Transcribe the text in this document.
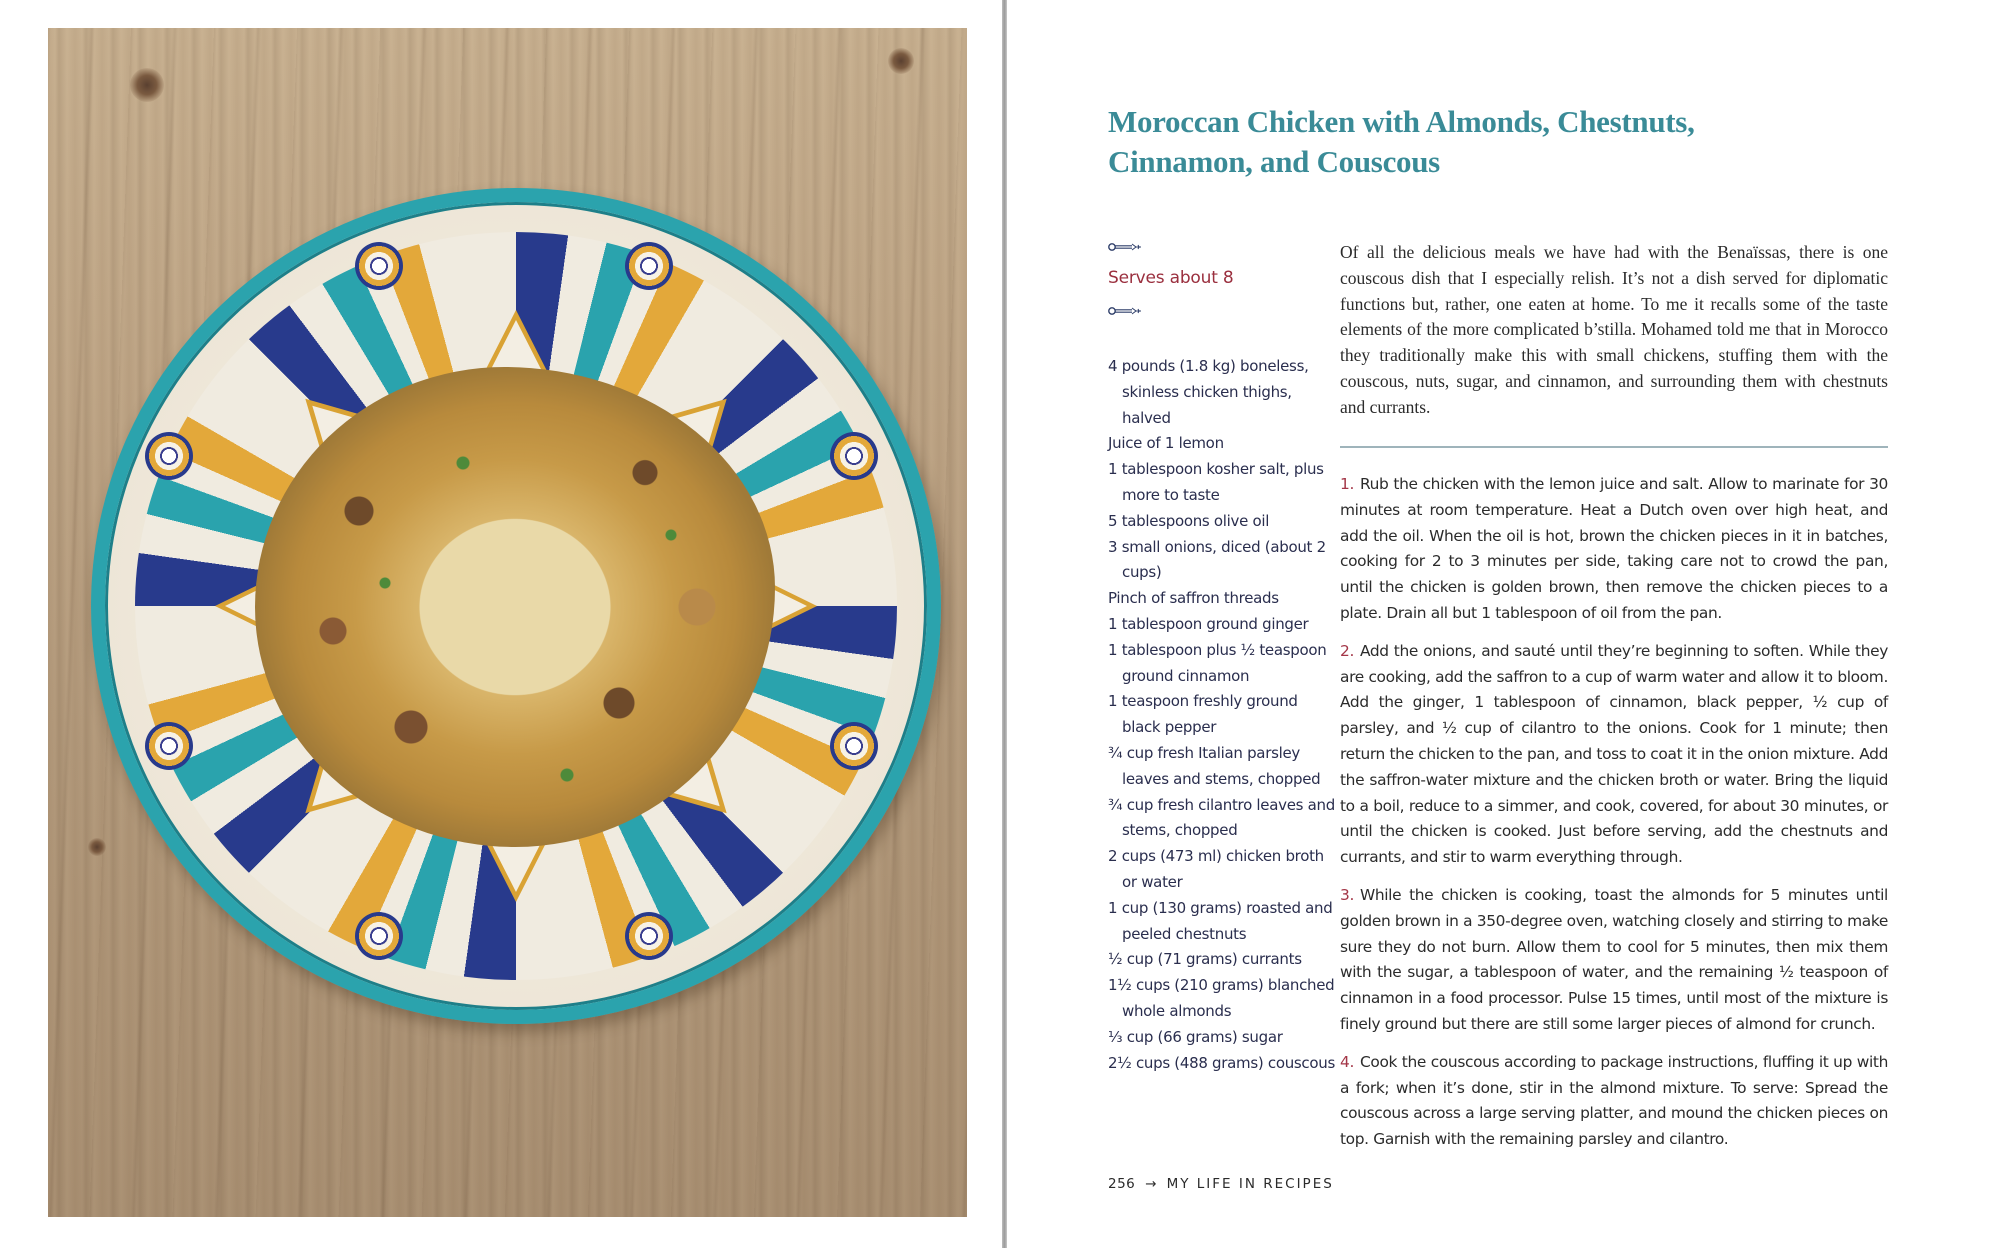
Moroccan Chicken with Almonds, Chestnuts,
Cinnamon, and Couscous
Serves about 8
4 pounds (1.8 kg) boneless, skinless chicken thighs, halved
Juice of 1 lemon
1 tablespoon kosher salt, plus more to taste
5 tablespoons olive oil
3 small onions, diced (about 2 cups)
Pinch of saffron threads
1 tablespoon ground ginger
1 tablespoon plus ½ teaspoon ground cinnamon
1 teaspoon freshly ground black pepper
¾ cup fresh Italian parsley leaves and stems, chopped
¾ cup fresh cilantro leaves and stems, chopped
2 cups (473 ml) chicken broth or water
1 cup (130 grams) roasted and peeled chestnuts
½ cup (71 grams) currants
1½ cups (210 grams) blanched whole almonds
⅓ cup (66 grams) sugar
2½ cups (488 grams) couscous

Of all the delicious meals we have had with the Benaïssas, there is one couscous dish that I especially relish. It’s not a dish served for diplomatic functions but, rather, one eaten at home. To me it recalls some of the taste elements of the more complicated b’stilla. Mohamed told me that in Morocco they traditionally make this with small chickens, stuffing them with the couscous, nuts, sugar, and cinnamon, and surrounding them with chestnuts and currants.

1. Rub the chicken with the lemon juice and salt. Allow to marinate for 30 minutes at room temperature. Heat a Dutch oven over high heat, and add the oil. When the oil is hot, brown the chicken pieces in it in batches, cooking for 2 to 3 minutes per side, taking care not to crowd the pan, until the chicken is golden brown, then remove the chicken pieces to a plate. Drain all but 1 tablespoon of oil from the pan.
2. Add the onions, and sauté until they’re beginning to soften. While they are cooking, add the saffron to a cup of warm water and allow it to bloom. Add the ginger, 1 tablespoon of cinnamon, black pepper, ½ cup of parsley, and ½ cup of cilantro to the onions. Cook for 1 minute; then return the chicken to the pan, and toss to coat it in the onion mixture. Add the saffron-water mixture and the chicken broth or water. Bring the liquid to a boil, reduce to a simmer, and cook, covered, for about 30 minutes, or until the chicken is cooked. Just before serving, add the chestnuts and currants, and stir to warm everything through.
3. While the chicken is cooking, toast the almonds for 5 minutes until golden brown in a 350-degree oven, watching closely and stirring to make sure they do not burn. Allow them to cool for 5 minutes, then mix them with the sugar, a tablespoon of water, and the remaining ½ teaspoon of cinnamon in a food processor. Pulse 15 times, until most of the mixture is finely ground but there are still some larger pieces of almond for crunch.
4. Cook the couscous according to package instructions, fluffing it up with a fork; when it’s done, stir in the almond mixture. To serve: Spread the couscous across a large serving platter, and mound the chicken pieces on top. Garnish with the remaining parsley and cilantro.
256 → MY LIFE IN RECIPES
